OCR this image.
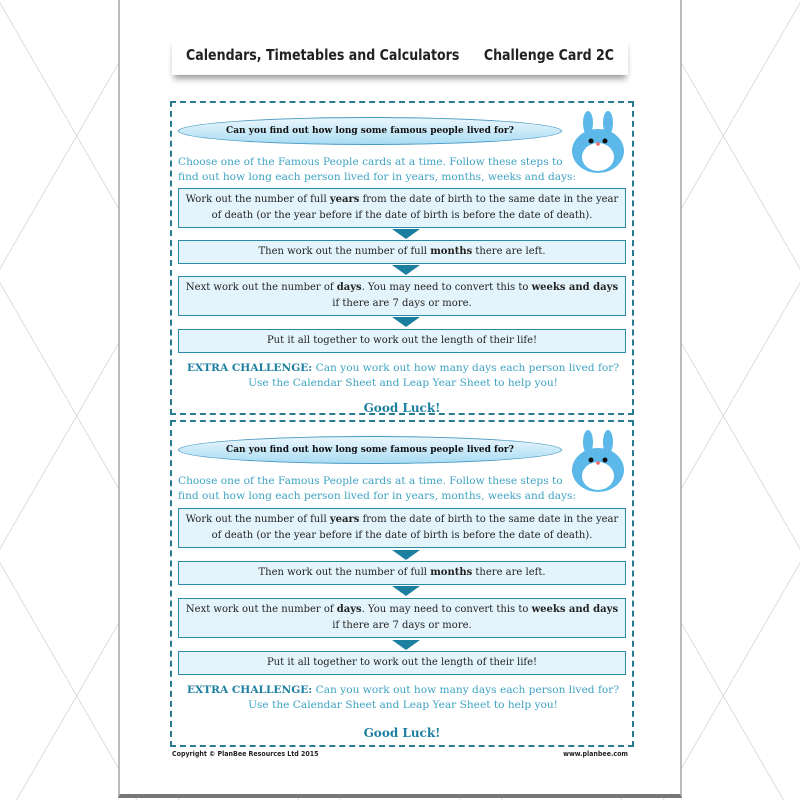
Calendars, Timetables and Calculators Challenge Card 2C
Can you find out how long some famous people lived for?
Choose one of the Famous People cards at a time. Follow these steps to find out how long each person lived for in years, months, weeks and days:
Work out the number of full years from the date of birth to the same date in the year of death (or the year before if the date of birth is before the date of death).
Then work out the number of full months there are left.
Next work out the number of days. You may need to convert this to weeks and days if there are 7 days or more.
Put it all together to work out the length of their life!
EXTRA CHALLENGE: Can you work out how many days each person lived for? Use the Calendar Sheet and Leap Year Sheet to help you!
Good Luck!
Can you find out how long some famous people lived for?
Choose one of the Famous People cards at a time. Follow these steps to find out how long each person lived for in years, months, weeks and days:
Work out the number of full years from the date of birth to the same date in the year of death (or the year before if the date of birth is before the date of death).
Then work out the number of full months there are left.
Next work out the number of days. You may need to convert this to weeks and days if there are 7 days or more.
Put it all together to work out the length of their life!
EXTRA CHALLENGE: Can you work out how many days each person lived for? Use the Calendar Sheet and Leap Year Sheet to help you!
Good Luck!
Copyright © PlanBee Resources Ltd 2015	www.planbee.com
